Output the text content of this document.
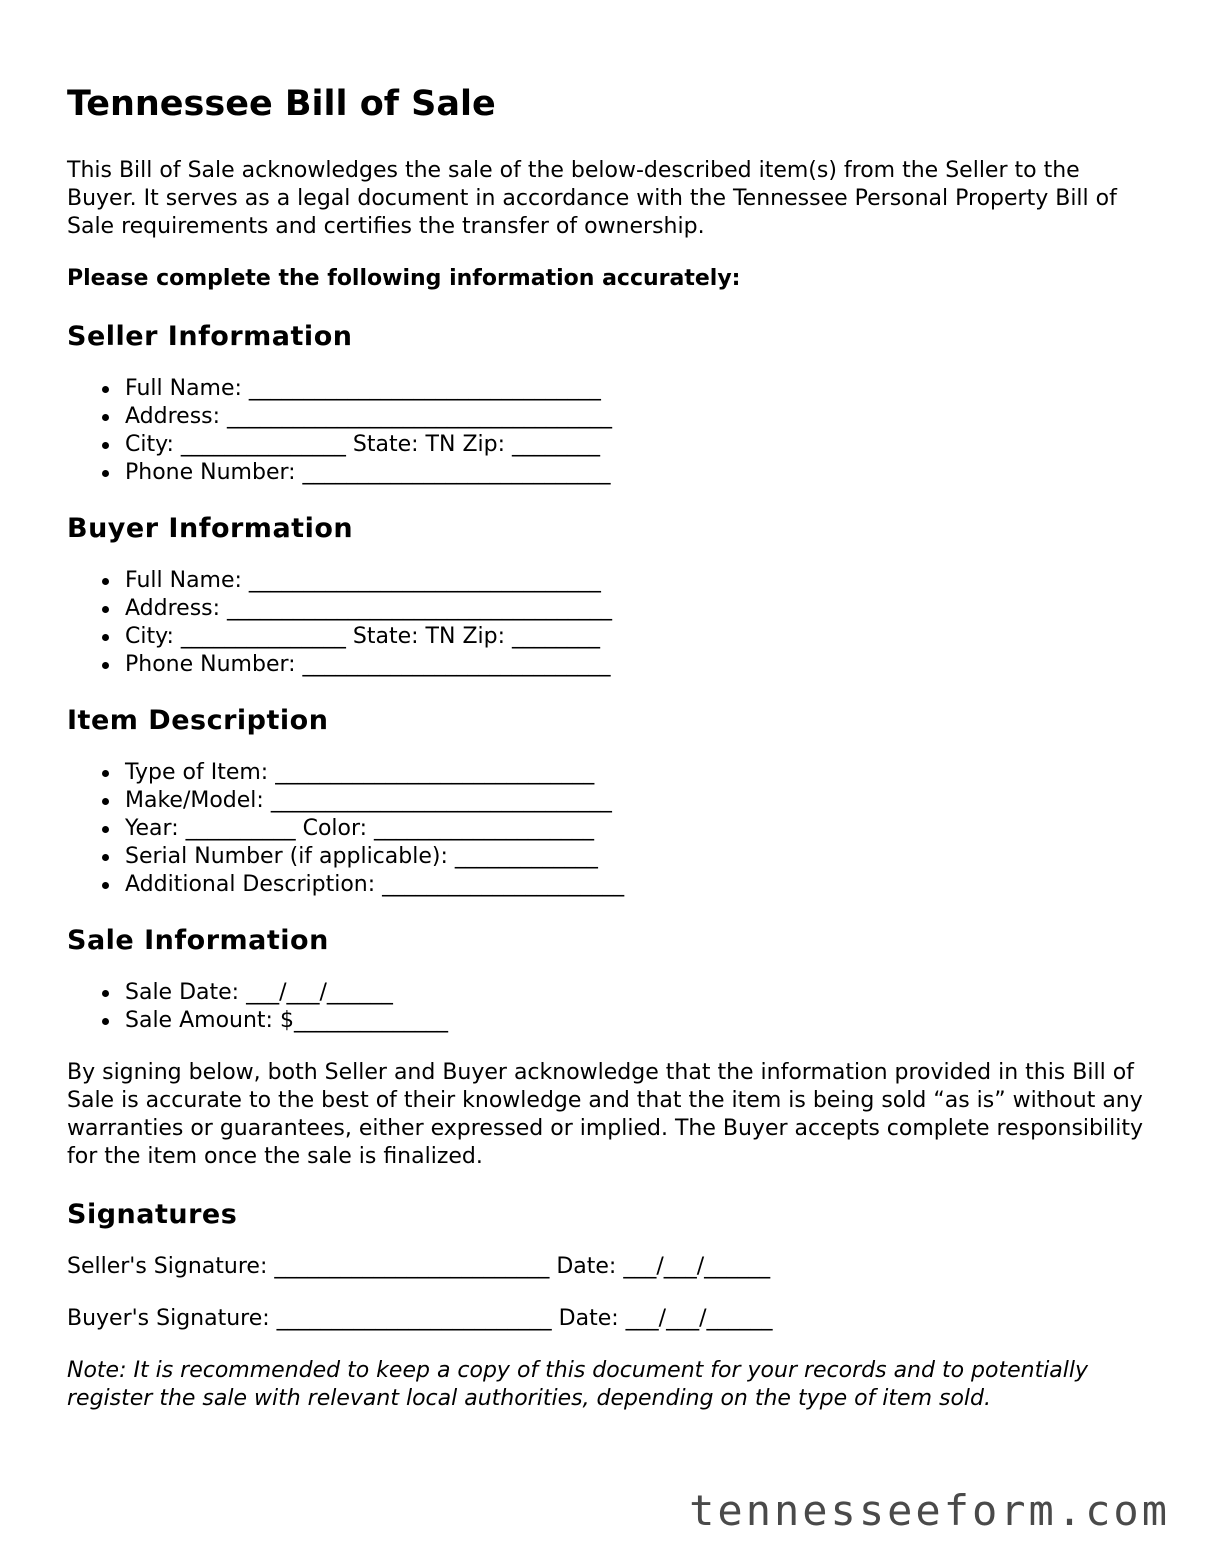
Tennessee Bill of Sale

This Bill of Sale acknowledges the sale of the below-described item(s) from the Seller to the Buyer. It serves as a legal document in accordance with the Tennessee Personal Property Bill of Sale requirements and certifies the transfer of ownership.

Please complete the following information accurately:

Seller Information
Full Name: ________________________________
Address: ___________________________________
City: _______________ State: TN Zip: ________
Phone Number: ____________________________
Buyer Information
Full Name: ________________________________
Address: ___________________________________
City: _______________ State: TN Zip: ________
Phone Number: ____________________________
Item Description
Type of Item: _____________________________
Make/Model: _______________________________
Year: __________ Color: ____________________
Serial Number (if applicable): _____________
Additional Description: ______________________
Sale Information
Sale Date: ___/___/______
Sale Amount: $______________

By signing below, both Seller and Buyer acknowledge that the information provided in this Bill of Sale is accurate to the best of their knowledge and that the item is being sold “as is” without any warranties or guarantees, either expressed or implied. The Buyer accepts complete responsibility for the item once the sale is finalized.

Signatures

Seller's Signature: _________________________ Date: ___/___/______

Buyer's Signature: _________________________ Date: ___/___/______

Note: It is recommended to keep a copy of this document for your records and to potentially register the sale with relevant local authorities, depending on the type of item sold.

tennesseeform.com
